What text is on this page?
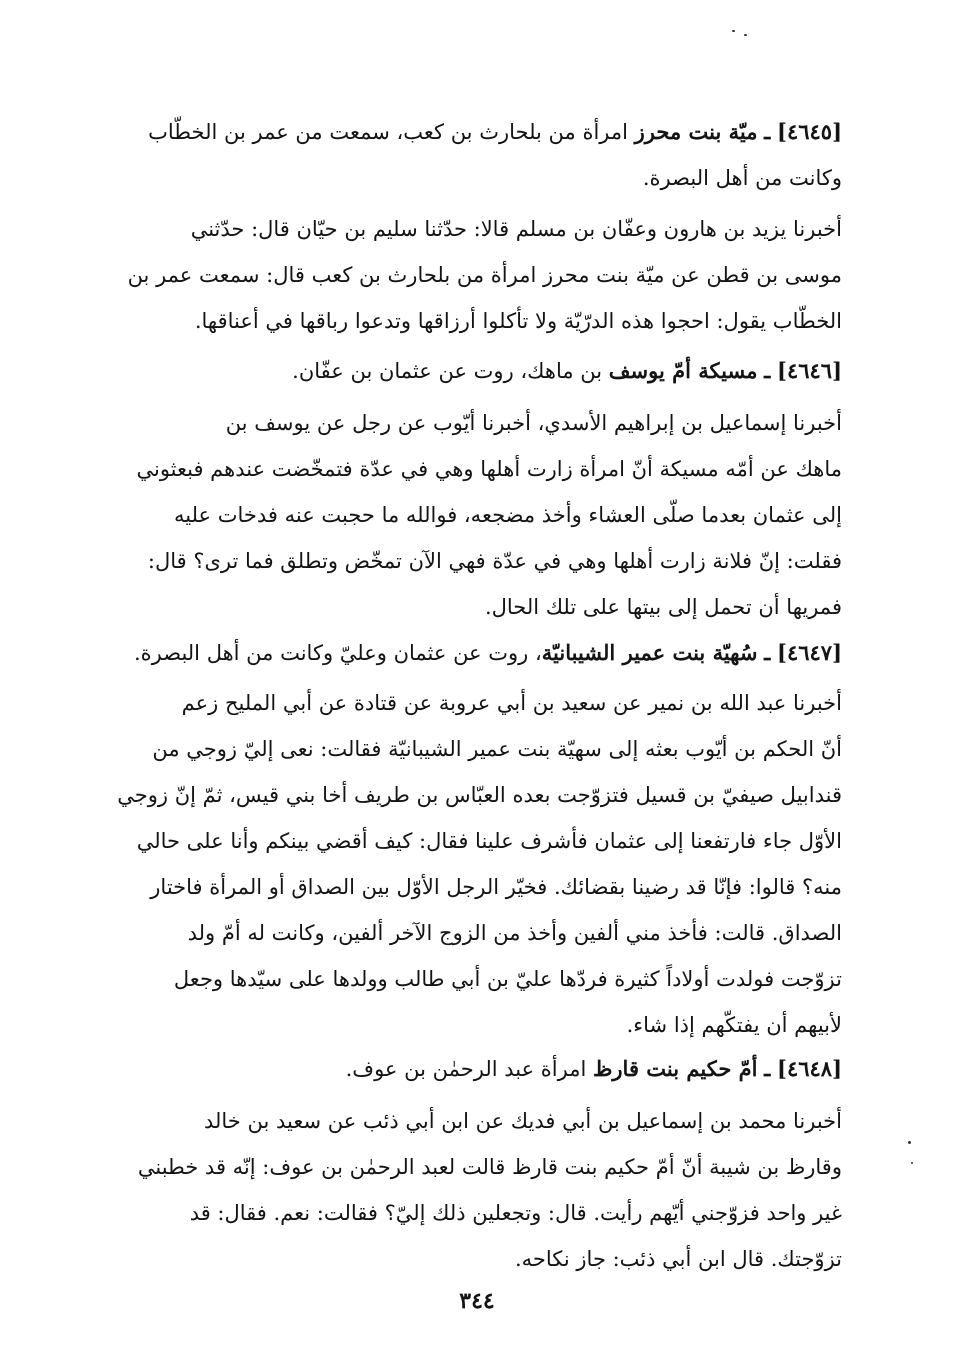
[٤٦٤٥] ـ ميّة بنت محرز امرأة من بلحارث بن كعب، سمعت من عمر بن الخطّاب
وكانت من أهل البصرة.
أخبرنا يزيد بن هارون وعفّان بن مسلم قالا: حدّثنا سليم بن حيّان قال: حدّثني
موسى بن قطن عن ميّة بنت محرز امرأة من بلحارث بن كعب قال: سمعت عمر بن
الخطّاب يقول: احجوا هذه الدرّيّة ولا تأكلوا أرزاقها وتدعوا رباقها في أعناقها.
[٤٦٤٦] ـ مسيكة أمّ يوسف بن ماهك، روت عن عثمان بن عفّان.
أخبرنا إسماعيل بن إبراهيم الأسدي، أخبرنا أيّوب عن رجل عن يوسف بن
ماهك عن أمّه مسيكة أنّ امرأة زارت أهلها وهي في عدّة فتمخّضت عندهم فبعثوني
إلى عثمان بعدما صلّى العشاء وأخذ مضجعه، فوالله ما حجبت عنه فدخات عليه
فقلت: إنّ فلانة زارت أهلها وهي في عدّة فهي الآن تمخّض وتطلق فما ترى؟ قال:
فمريها أن تحمل إلى بيتها على تلك الحال.
[٤٦٤٧] ـ سُهيّة بنت عمير الشيبانيّة، روت عن عثمان وعليّ وكانت من أهل البصرة.
أخبرنا عبد الله بن نمير عن سعيد بن أبي عروبة عن قتادة عن أبي المليح زعم
أنّ الحكم بن أيّوب بعثه إلى سهيّة بنت عمير الشيبانيّة فقالت: نعى إليّ زوجي من
قندابيل صيفيّ بن قسيل فتزوّجت بعده العبّاس بن طريف أخا بني قيس، ثمّ إنّ زوجي
الأوّل جاء فارتفعنا إلى عثمان فأشرف علينا فقال: كيف أقضي بينكم وأنا على حالي
منه؟ قالوا: فإنّا قد رضينا بقضائك. فخيّر الرجل الأوّل بين الصداق أو المرأة فاختار
الصداق. قالت: فأخذ مني ألفين وأخذ من الزوج الآخر ألفين، وكانت له أمّ ولد
تزوّجت فولدت أولاداً كثيرة فردّها عليّ بن أبي طالب وولدها على سيّدها وجعل
لأبيهم أن يفتكّهم إذا شاء.
[٤٦٤٨] ـ أمّ حكيم بنت قارظ امرأة عبد الرحمٰن بن عوف.
أخبرنا محمد بن إسماعيل بن أبي فديك عن ابن أبي ذئب عن سعيد بن خالد
وقارظ بن شيبة أنّ أمّ حكيم بنت قارظ قالت لعبد الرحمٰن بن عوف: إنّه قد خطبني
غير واحد فزوّجني أيّهم رأيت. قال: وتجعلين ذلك إليّ؟ فقالت: نعم. فقال: قد
تزوّجتك. قال ابن أبي ذئب: جاز نكاحه.
٣٤٤
